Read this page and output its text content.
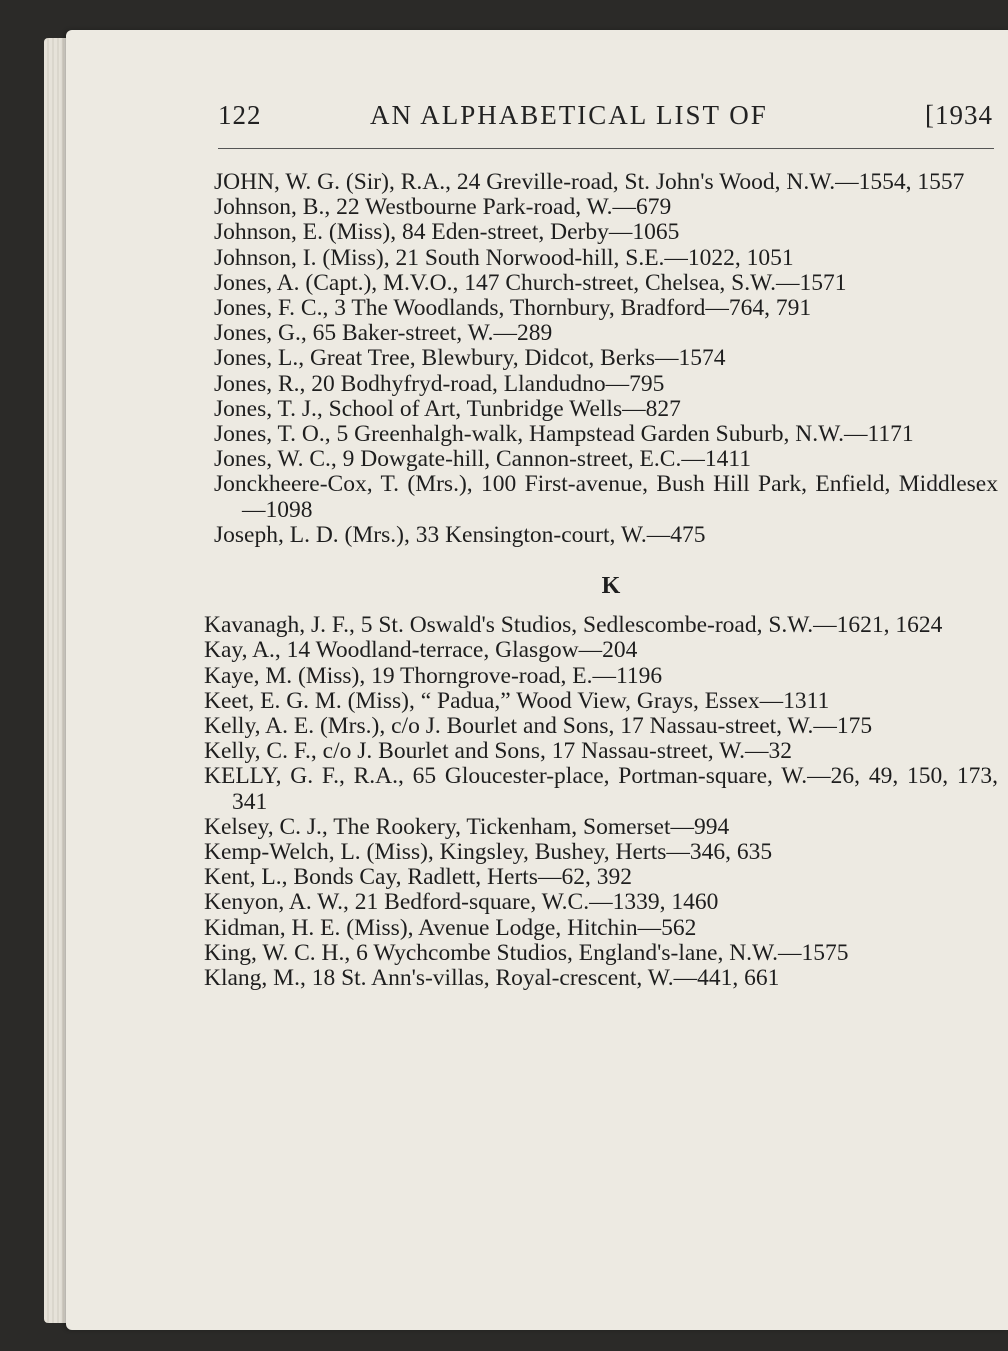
122	AN ALPHABETICAL LIST OF	[1934
JOHN, W. G. (Sir), R.A., 24 Greville-road, St. John's Wood, N.W.—1554, 1557
Johnson, B., 22 Westbourne Park-road, W.—679
Johnson, E. (Miss), 84 Eden-street, Derby—1065
Johnson, I. (Miss), 21 South Norwood-hill, S.E.—1022, 1051
Jones, A. (Capt.), M.V.O., 147 Church-street, Chelsea, S.W.—1571
Jones, F. C., 3 The Woodlands, Thornbury, Bradford—764, 791
Jones, G., 65 Baker-street, W.—289
Jones, L., Great Tree, Blewbury, Didcot, Berks—1574
Jones, R., 20 Bodhyfryd-road, Llandudno—795
Jones, T. J., School of Art, Tunbridge Wells—827
Jones, T. O., 5 Greenhalgh-walk, Hampstead Garden Suburb, N.W.—1171
Jones, W. C., 9 Dowgate-hill, Cannon-street, E.C.—1411
Jonckheere-Cox, T. (Mrs.), 100 First-avenue, Bush Hill Park, Enfield, Middlesex—1098
Joseph, L. D. (Mrs.), 33 Kensington-court, W.—475
K
Kavanagh, J. F., 5 St. Oswald's Studios, Sedlescombe-road, S.W.—1621, 1624
Kay, A., 14 Woodland-terrace, Glasgow—204
Kaye, M. (Miss), 19 Thorngrove-road, E.—1196
Keet, E. G. M. (Miss), “ Padua,” Wood View, Grays, Essex—1311
Kelly, A. E. (Mrs.), c/o J. Bourlet and Sons, 17 Nassau-street, W.—175
Kelly, C. F., c/o J. Bourlet and Sons, 17 Nassau-street, W.—32
KELLY, G. F., R.A., 65 Gloucester-place, Portman-square, W.—26, 49, 150, 173, 341
Kelsey, C. J., The Rookery, Tickenham, Somerset—994
Kemp-Welch, L. (Miss), Kingsley, Bushey, Herts—346, 635
Kent, L., Bonds Cay, Radlett, Herts—62, 392
Kenyon, A. W., 21 Bedford-square, W.C.—1339, 1460
Kidman, H. E. (Miss), Avenue Lodge, Hitchin—562
King, W. C. H., 6 Wychcombe Studios, England's-lane, N.W.—1575
Klang, M., 18 St. Ann's-villas, Royal-crescent, W.—441, 661
